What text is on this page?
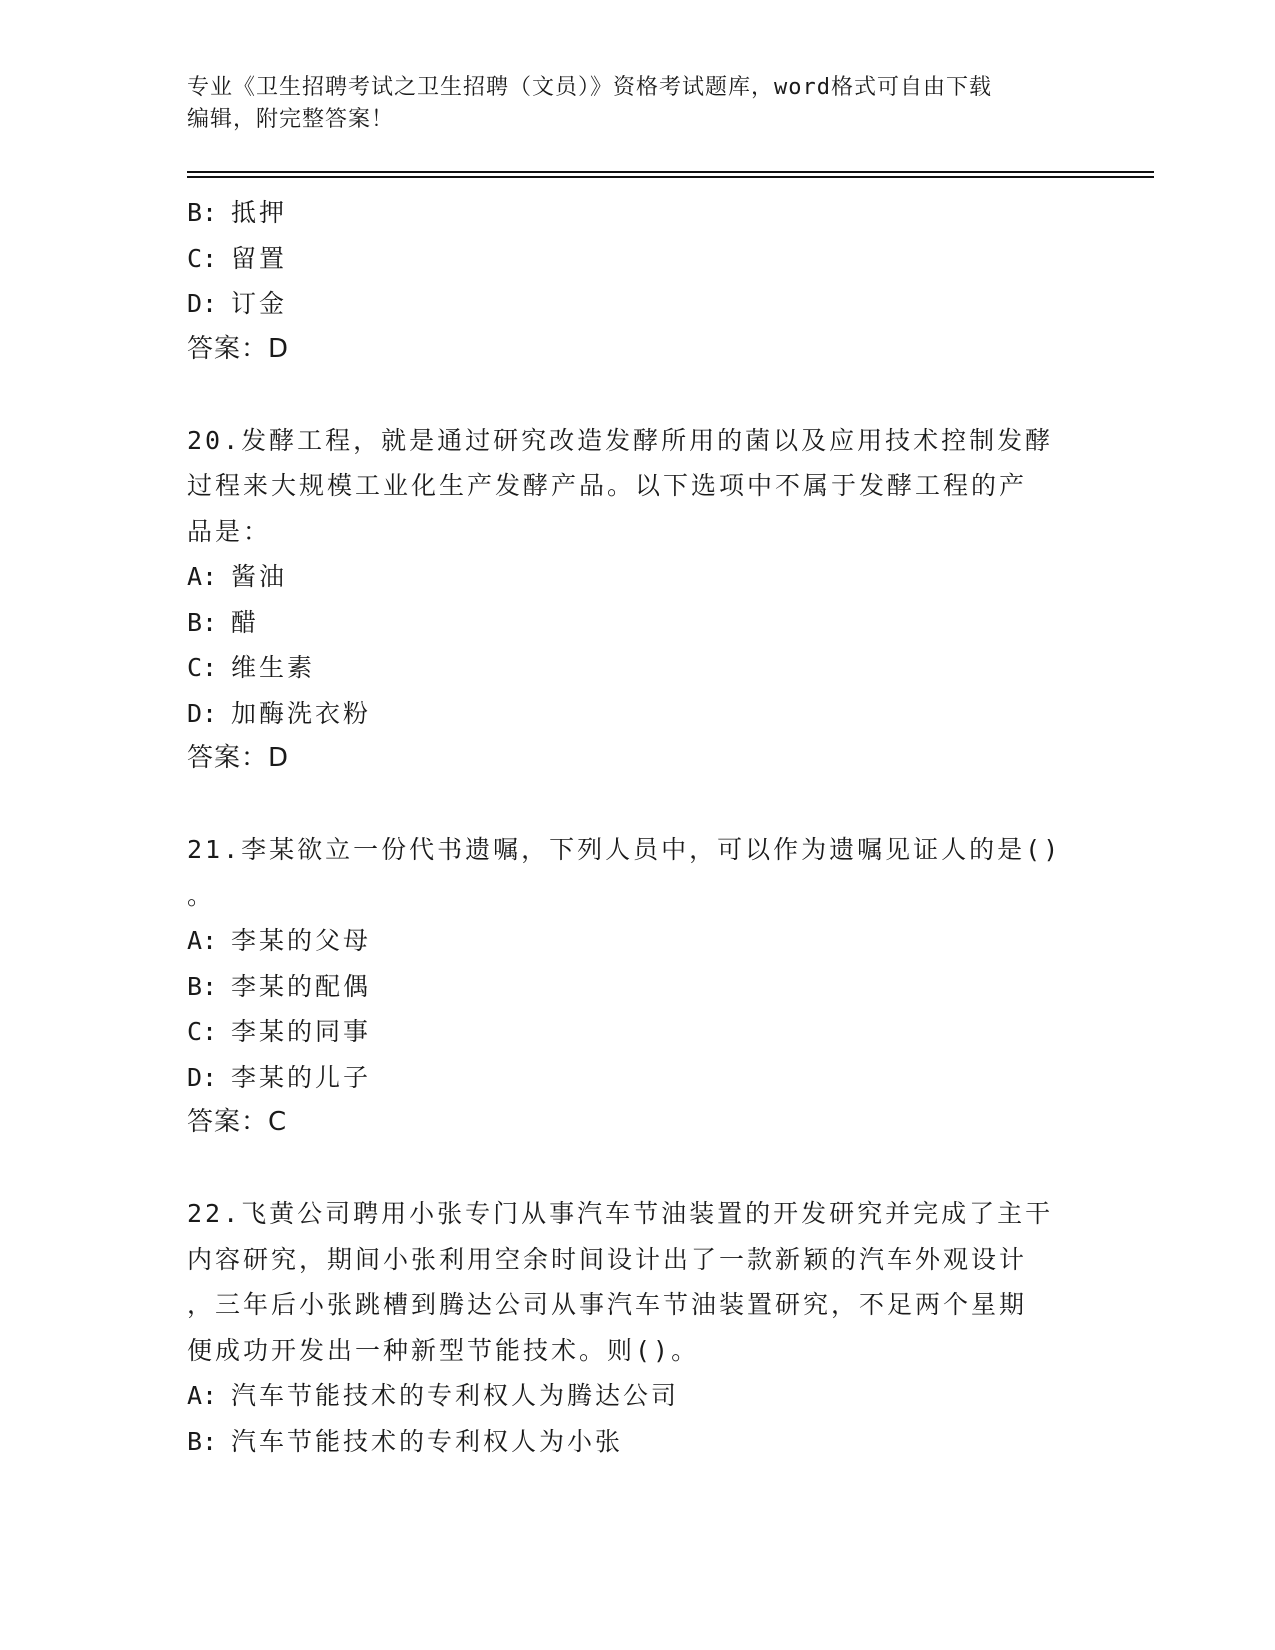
专业《卫生招聘考试之卫生招聘（文员）》资格考试题库，word格式可自由下载
编辑，附完整答案！
B: 抵押
C: 留置
D: 订金
答案：D
20.发酵工程，就是通过研究改造发酵所用的菌以及应用技术控制发酵
过程来大规模工业化生产发酵产品。以下选项中不属于发酵工程的产
品是：
A: 酱油
B: 醋
C: 维生素
D: 加酶洗衣粉
答案：D
21.李某欲立一份代书遗嘱，下列人员中，可以作为遗嘱见证人的是()
。
A: 李某的父母
B: 李某的配偶
C: 李某的同事
D: 李某的儿子
答案：C
22.飞黄公司聘用小张专门从事汽车节油装置的开发研究并完成了主干
内容研究，期间小张利用空余时间设计出了一款新颖的汽车外观设计
，三年后小张跳槽到腾达公司从事汽车节油装置研究，不足两个星期
便成功开发出一种新型节能技术。则()。
A: 汽车节能技术的专利权人为腾达公司
B: 汽车节能技术的专利权人为小张
